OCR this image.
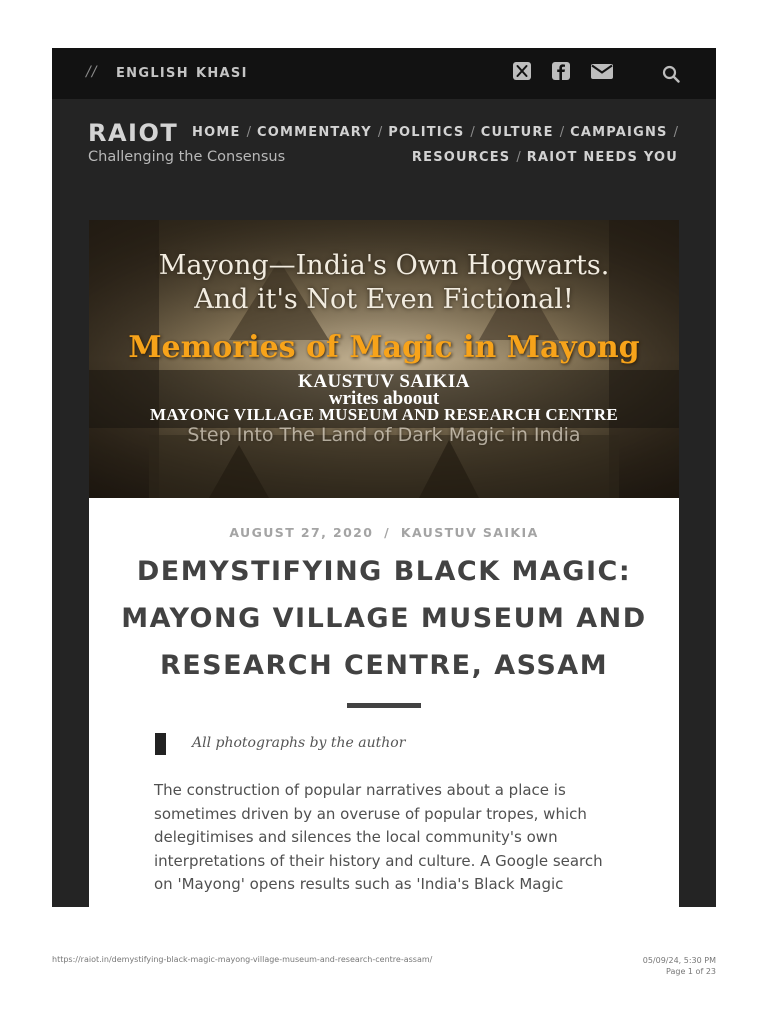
// ENGLISH KHASI
RAIOT
Challenging the Consensus
HOME / COMMENTARY / POLITICS / CULTURE / CAMPAIGNS /
RESOURCES / RAIOT NEEDS YOU
Mayong—India's Own Hogwarts.
And it's Not Even Fictional!
Memories of Magic in Mayong
KAUSTUV SAIKIA
writes aboout
MAYONG VILLAGE MUSEUM AND RESEARCH CENTRE
Step Into The Land of Dark Magic in India
AUGUST 27, 2020 / KAUSTUV SAIKIA
DEMYSTIFYING BLACK MAGIC:
MAYONG VILLAGE MUSEUM AND
RESEARCH CENTRE, ASSAM
All photographs by the author
The construction of popular narratives about a place is
sometimes driven by an overuse of popular tropes, which
delegitimises and silences the local community's own
interpretations of their history and culture. A Google search
on 'Mayong' opens results such as 'India's Black Magic
https://raiot.in/demystifying-black-magic-mayong-village-museum-and-research-centre-assam/	05/09/24, 5:30 PM
Page 1 of 23
